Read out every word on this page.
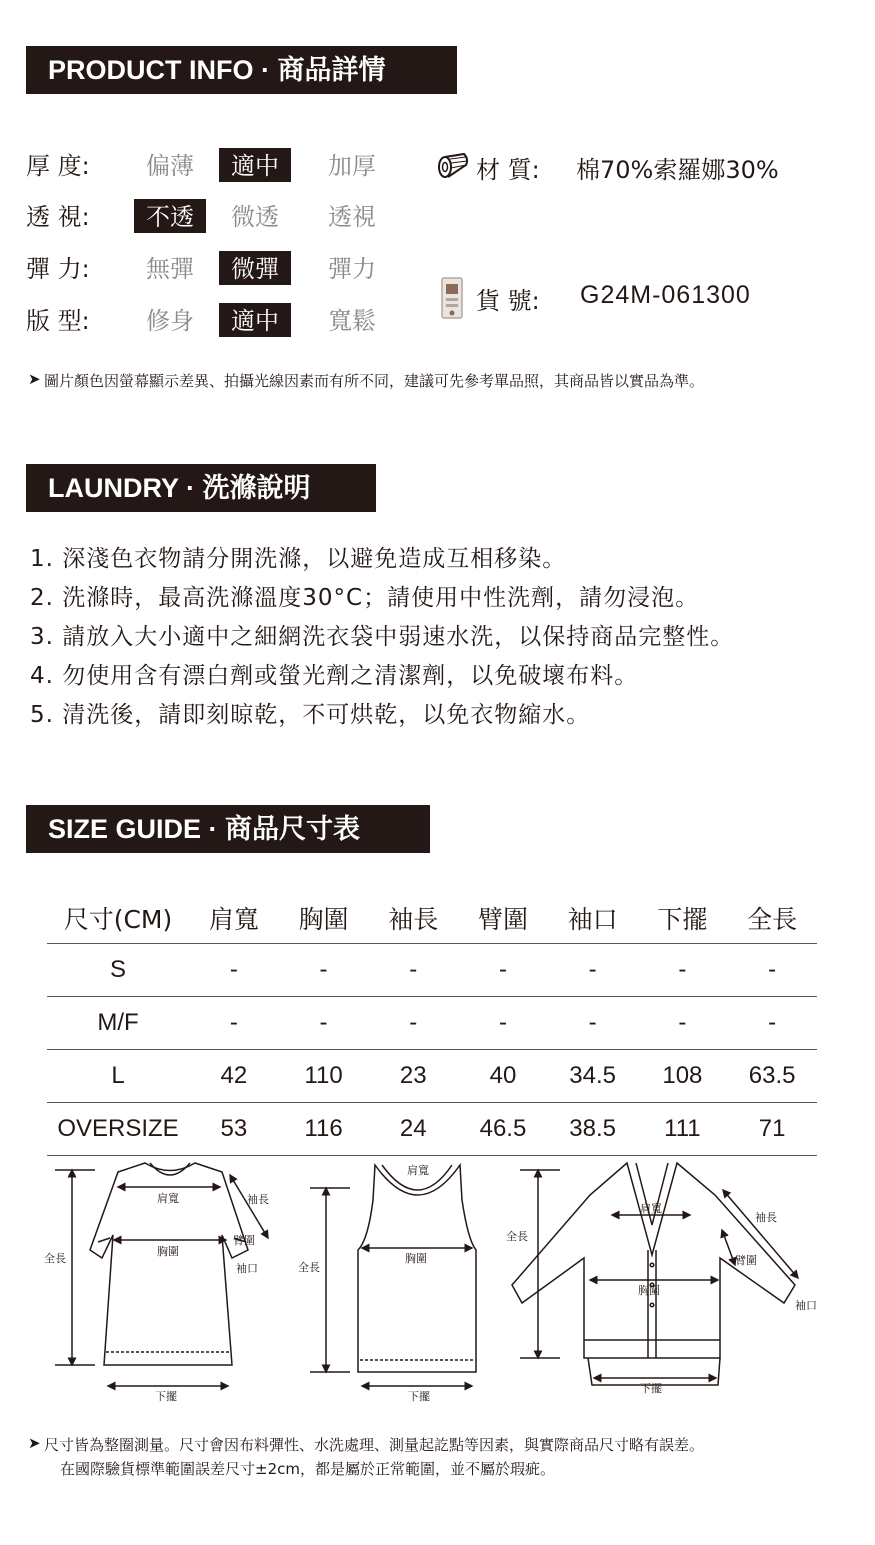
PRODUCT INFO · 商品詳情
厚 度:	偏薄	適中	加厚
透 視:	不透	微透	透視
彈 力:	無彈	微彈	彈力
版 型:	修身	適中	寬鬆
材 質: 棉70%索羅娜30%
貨 號: G24M-061300
➤ 圖片顏色因螢幕顯示差異、拍攝光線因素而有所不同，建議可先參考單品照，其商品皆以實品為準。
LAUNDRY · 洗滌說明
1. 深淺色衣物請分開洗滌，以避免造成互相移染。
2. 洗滌時，最高洗滌溫度30°C；請使用中性洗劑，請勿浸泡。
3. 請放入大小適中之細網洗衣袋中弱速水洗，以保持商品完整性。
4. 勿使用含有漂白劑或螢光劑之清潔劑，以免破壞布料。
5. 清洗後，請即刻晾乾，不可烘乾，以免衣物縮水。
SIZE GUIDE · 商品尺寸表
尺寸(CM)	肩寬	胸圍	袖長	臂圍	袖口	下擺	全長
S	-	-	-	-	-	-	-
M/F	-	-	-	-	-	-	-
L	42	110	23	40	34.5	108	63.5
OVERSIZE	53	116	24	46.5	38.5	111	71
肩寬
胸圍
袖長
臂圍
袖口
全長
下擺
肩寬
胸圍
全長
下擺
肩寬
胸圍
袖長
臂圍
袖口
全長
下擺
➤ 尺寸皆為整圈測量。尺寸會因布料彈性、水洗處理、測量起訖點等因素，與實際商品尺寸略有誤差。
在國際驗貨標準範圍誤差尺寸±2cm，都是屬於正常範圍，並不屬於瑕疵。
